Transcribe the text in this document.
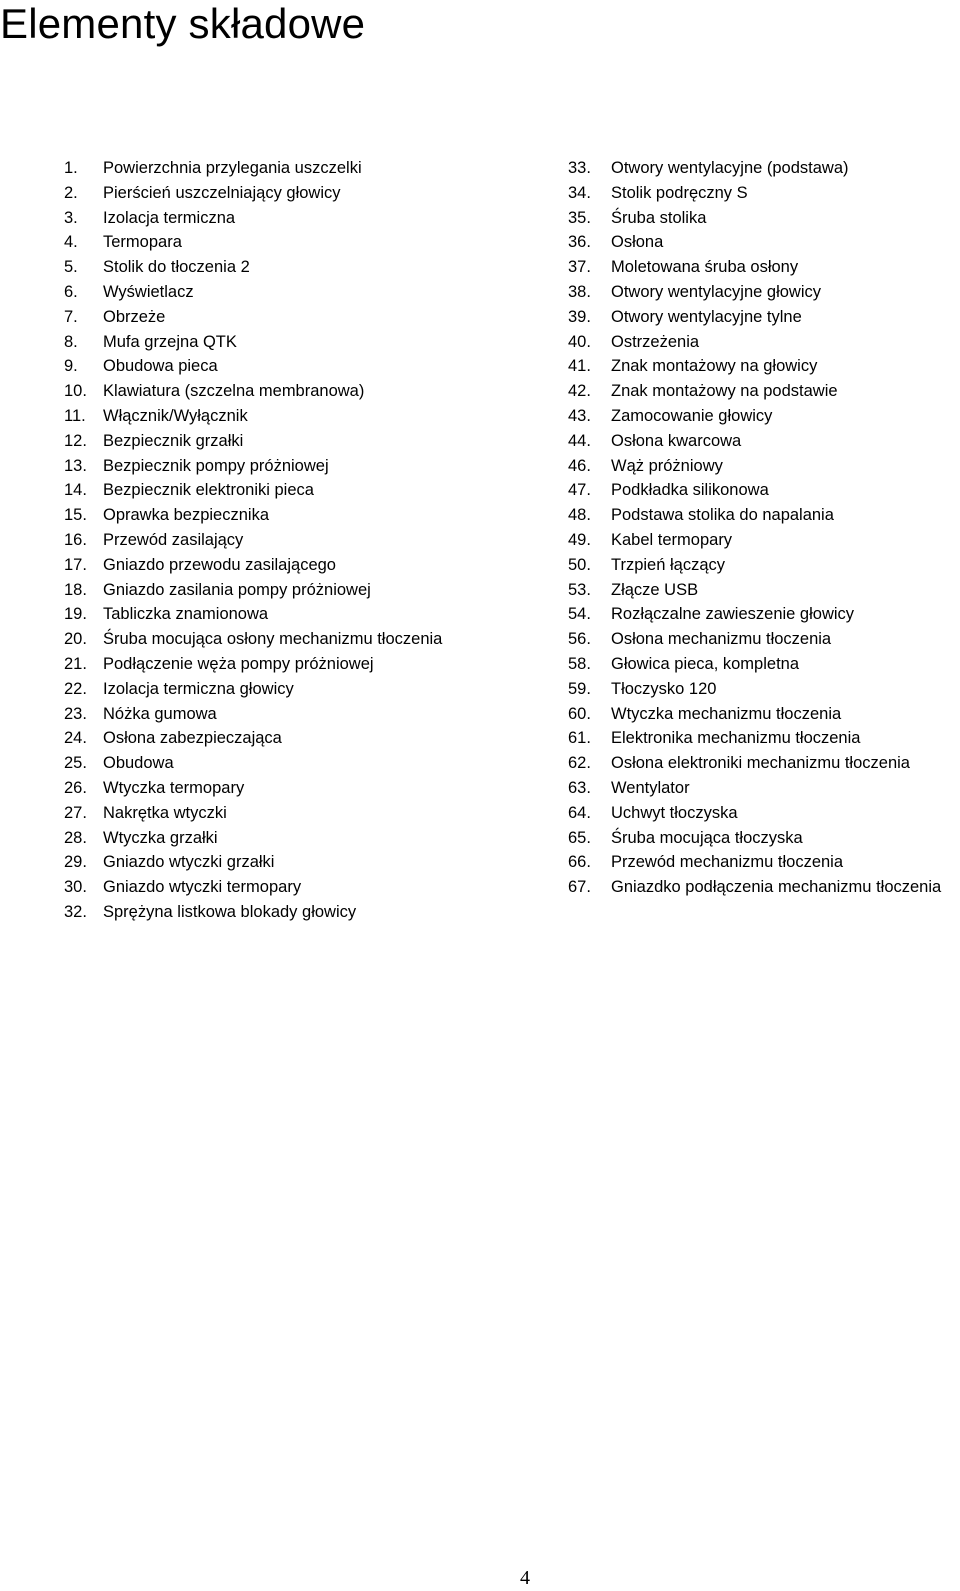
Elementy składowe
1.	Powierzchnia przylegania uszczelki
2.	Pierścień uszczelniający głowicy
3.	Izolacja termiczna
4.	Termopara
5.	Stolik do tłoczenia 2
6.	Wyświetlacz
7.	Obrzeże
8.	Mufa grzejna QTK
9.	Obudowa pieca
10. Klawiatura (szczelna membranowa)
11.	Włącznik/Wyłącznik
12. Bezpiecznik grzałki
13. Bezpiecznik pompy próżniowej
14. Bezpiecznik elektroniki pieca
15. Oprawka bezpiecznika
16. Przewód zasilający
17. Gniazdo przewodu zasilającego
18. Gniazdo zasilania pompy próżniowej
19. Tabliczka znamionowa
20. Śruba mocująca osłony mechanizmu tłoczenia
21. Podłączenie węża pompy próżniowej
22. Izolacja termiczna głowicy
23. Nóżka gumowa
24. Osłona zabezpieczająca
25. Obudowa
26. Wtyczka termopary
27. Nakrętka wtyczki
28. Wtyczka grzałki
29. Gniazdo wtyczki grzałki
30. Gniazdo wtyczki termopary
32. Sprężyna listkowa blokady głowicy
33.	Otwory wentylacyjne (podstawa)
34.	Stolik podręczny S
35.	Śruba stolika
36.	Osłona
37.	Moletowana śruba osłony
38.	Otwory wentylacyjne głowicy
39.	Otwory wentylacyjne tylne
40.	Ostrzeżenia
41.	Znak montażowy na głowicy
42.	Znak montażowy na podstawie
43.	Zamocowanie głowicy
44.	Osłona kwarcowa
46.	Wąż próżniowy
47.	Podkładka silikonowa
48.	Podstawa stolika do napalania
49.	Kabel termopary
50.	Trzpień łączący
53.	Złącze USB
54.	Rozłączalne zawieszenie głowicy
56.	Osłona mechanizmu tłoczenia
58.	Głowica pieca, kompletna
59.	Tłoczysko 120
60.	Wtyczka mechanizmu tłoczenia
61.	Elektronika mechanizmu tłoczenia
62.	Osłona elektroniki mechanizmu tłoczenia
63.	Wentylator
64.	Uchwyt tłoczyska
65.	Śruba mocująca tłoczyska
66.	Przewód mechanizmu tłoczenia
67.	Gniazdko podłączenia mechanizmu tłoczenia
4
